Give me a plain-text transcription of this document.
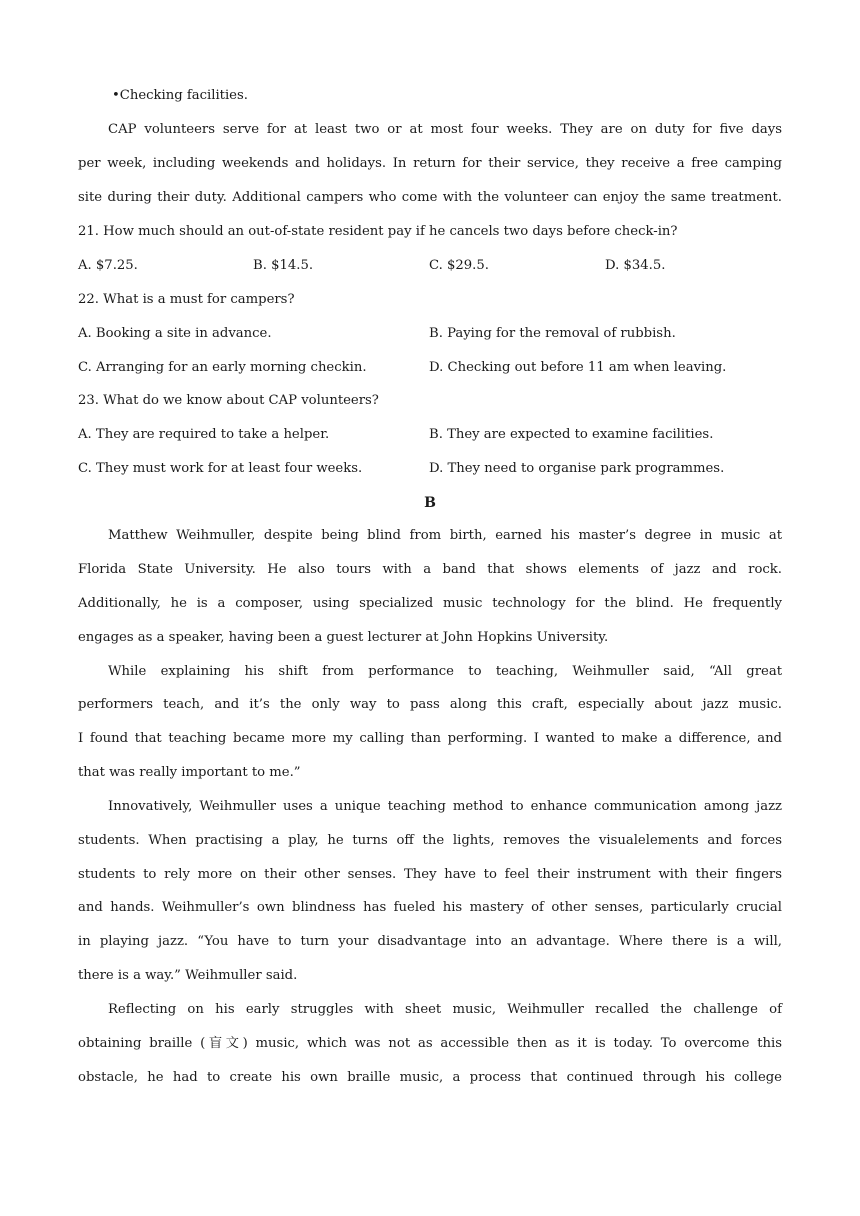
•Checking facilities.
CAP volunteers serve for at least two or at most four weeks. They are on duty for five days
per week, including weekends and holidays. In return for their service, they receive a free camping
site during their duty. Additional campers who come with the volunteer can enjoy the same treatment.
21. How much should an out-of-state resident pay if he cancels two days before check-in?
A. $7.25.	B. $14.5.	C. $29.5.	D. $34.5.
22. What is a must for campers?
A. Booking a site in advance.	B. Paying for the removal of rubbish.
C. Arranging for an early morning checkin.	D. Checking out before 11 am when leaving.
23. What do we know about CAP volunteers?
A. They are required to take a helper.	B. They are expected to examine facilities.
C. They must work for at least four weeks.	D. They need to organise park programmes.
B
Matthew Weihmuller, despite being blind from birth, earned his master’s degree in music at
Florida State University. He also tours with a band that shows elements of jazz and rock.
Additionally, he is a composer, using specialized music technology for the blind. He frequently
engages as a speaker, having been a guest lecturer at John Hopkins University.
While explaining his shift from performance to teaching, Weihmuller said, “All great
performers teach, and it’s the only way to pass along this craft, especially about jazz music.
I found that teaching became more my calling than performing. I wanted to make a difference, and
that was really important to me.”
Innovatively, Weihmuller uses a unique teaching method to enhance communication among jazz
students. When practising a play, he turns off the lights, removes the visualelements and forces
students to rely more on their other senses. They have to feel their instrument with their fingers
and hands. Weihmuller’s own blindness has fueled his mastery of other senses, particularly crucial
in playing jazz. “You have to turn your disadvantage into an advantage. Where there is a will,
there is a way.” Weihmuller said.
Reflecting on his early struggles with sheet music, Weihmuller recalled the challenge of
obtaining braille (盲文) music, which was not as accessible then as it is today. To overcome this
obstacle, he had to create his own braille music, a process that continued through his college
